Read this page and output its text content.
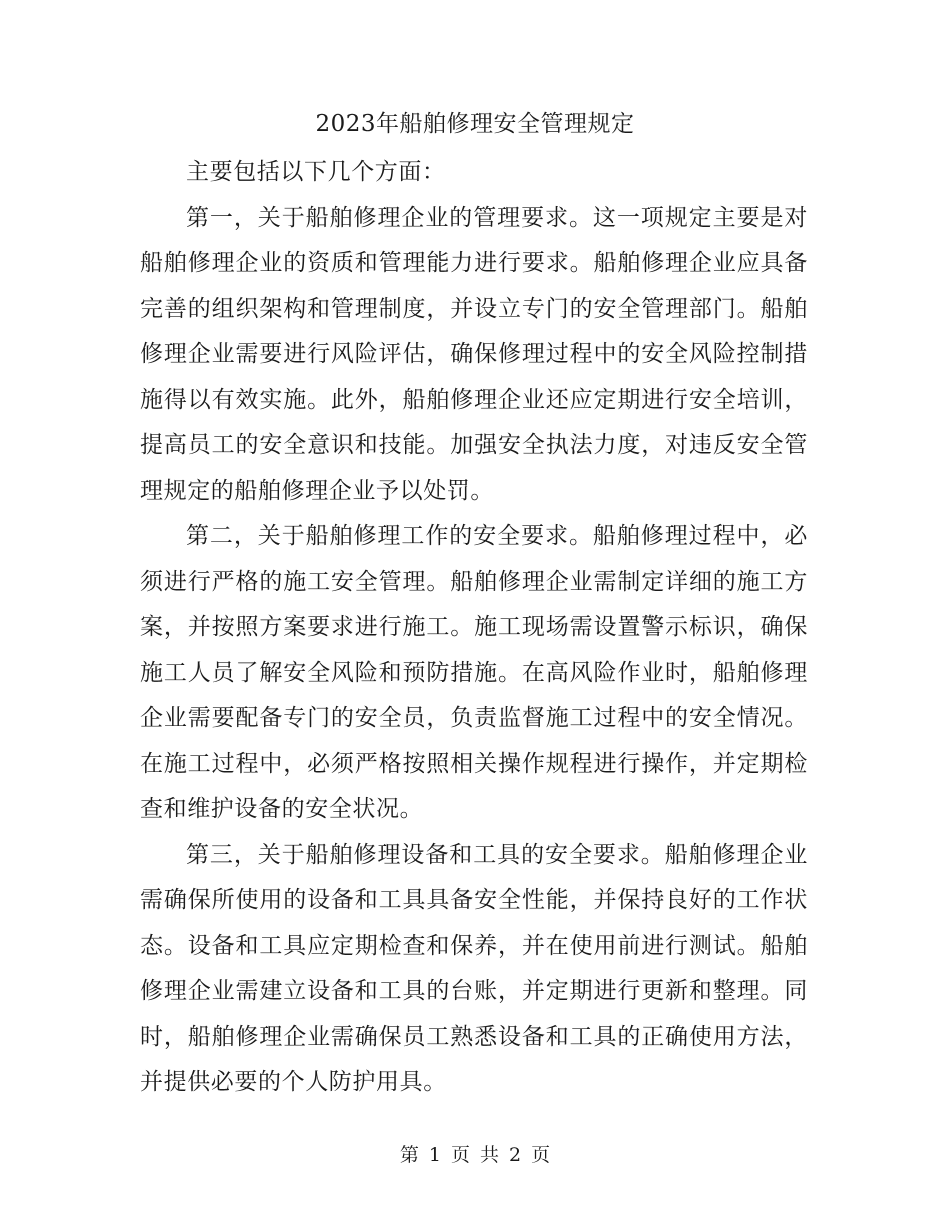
2023年船舶修理安全管理规定

主要包括以下几个方面：

第一，关于船舶修理企业的管理要求。这一项规定主要是对船舶修理企业的资质和管理能力进行要求。船舶修理企业应具备完善的组织架构和管理制度，并设立专门的安全管理部门。船舶修理企业需要进行风险评估，确保修理过程中的安全风险控制措施得以有效实施。此外，船舶修理企业还应定期进行安全培训，提高员工的安全意识和技能。加强安全执法力度，对违反安全管理规定的船舶修理企业予以处罚。

第二，关于船舶修理工作的安全要求。船舶修理过程中，必须进行严格的施工安全管理。船舶修理企业需制定详细的施工方案，并按照方案要求进行施工。施工现场需设置警示标识，确保施工人员了解安全风险和预防措施。在高风险作业时，船舶修理企业需要配备专门的安全员，负责监督施工过程中的安全情况。在施工过程中，必须严格按照相关操作规程进行操作，并定期检查和维护设备的安全状况。

第三，关于船舶修理设备和工具的安全要求。船舶修理企业需确保所使用的设备和工具具备安全性能，并保持良好的工作状态。设备和工具应定期检查和保养，并在使用前进行测试。船舶修理企业需建立设备和工具的台账，并定期进行更新和整理。同时，船舶修理企业需确保员工熟悉设备和工具的正确使用方法，并提供必要的个人防护用具。

第 1 页 共 2 页
